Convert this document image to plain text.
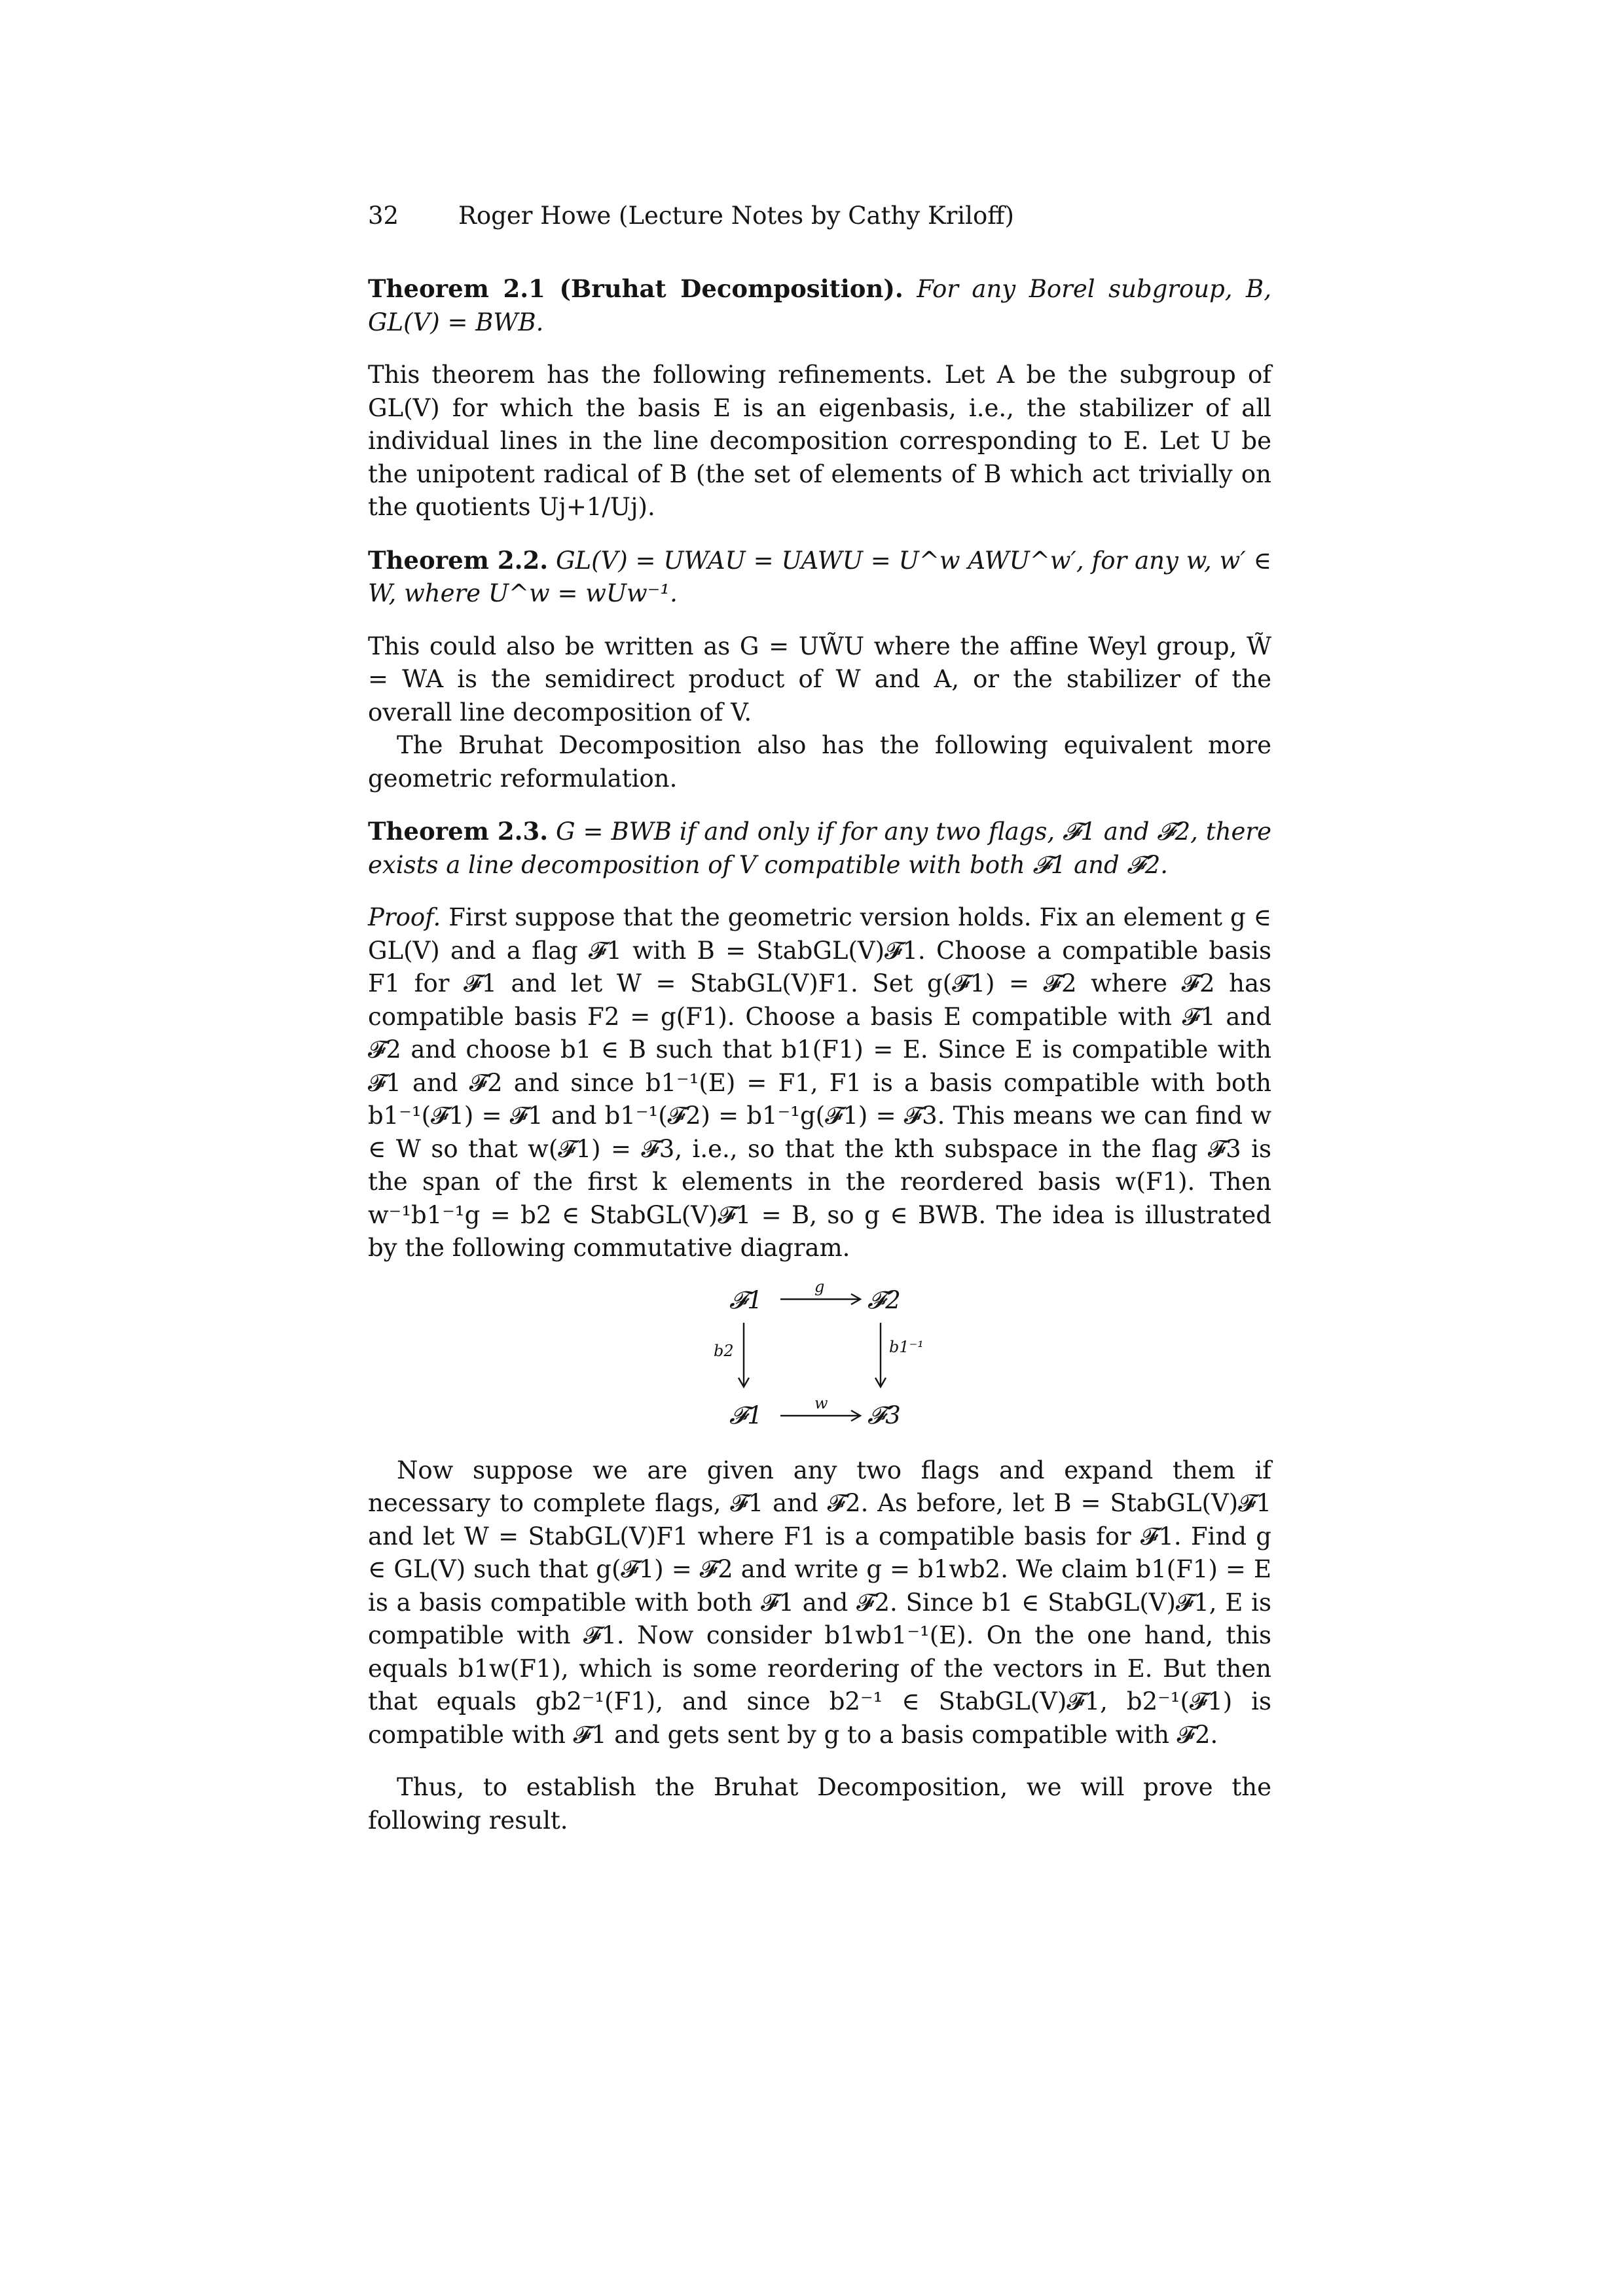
32 Roger Howe (Lecture Notes by Cathy Kriloff)
Theorem 2.1 (Bruhat Decomposition). For any Borel subgroup, B, GL(V) = BWB.
This theorem has the following refinements. Let A be the subgroup of GL(V) for which the basis E is an eigenbasis, i.e., the stabilizer of all individual lines in the line decomposition corresponding to E. Let U be the unipotent radical of B (the set of elements of B which act trivially on the quotients Uj+1/Uj).
Theorem 2.2. GL(V) = UWAU = UAWU = U^w AWU^w′, for any w, w′ ∈ W, where U^w = wUw⁻¹.
This could also be written as G = UW̃U where the affine Weyl group, W̃ = WA is the semidirect product of W and A, or the stabilizer of the overall line decomposition of V.
The Bruhat Decomposition also has the following equivalent more geometric reformulation.
Theorem 2.3. G = BWB if and only if for any two flags, 𝓕1 and 𝓕2, there exists a line decomposition of V compatible with both 𝓕1 and 𝓕2.
Proof. First suppose that the geometric version holds. Fix an element g ∈ GL(V) and a flag 𝓕1 with B = StabGL(V)𝓕1. Choose a compatible basis F1 for 𝓕1 and let W = StabGL(V)F1. Set g(𝓕1) = 𝓕2 where 𝓕2 has compatible basis F2 = g(F1). Choose a basis E compatible with 𝓕1 and 𝓕2 and choose b1 ∈ B such that b1(F1) = E. Since E is compatible with 𝓕1 and 𝓕2 and since b1⁻¹(E) = F1, F1 is a basis compatible with both b1⁻¹(𝓕1) = 𝓕1 and b1⁻¹(𝓕2) = b1⁻¹g(𝓕1) = 𝓕3. This means we can find w ∈ W so that w(𝓕1) = 𝓕3, i.e., so that the kth subspace in the flag 𝓕3 is the span of the first k elements in the reordered basis w(F1). Then w⁻¹b1⁻¹g = b2 ∈ StabGL(V)𝓕1 = B, so g ∈ BWB. The idea is illustrated by the following commutative diagram.
𝓕1	𝓕2
𝓕1	𝓕3
g
w
b2	b1⁻¹
Now suppose we are given any two flags and expand them if necessary to complete flags, 𝓕1 and 𝓕2. As before, let B = StabGL(V)𝓕1 and let W = StabGL(V)F1 where F1 is a compatible basis for 𝓕1. Find g ∈ GL(V) such that g(𝓕1) = 𝓕2 and write g = b1wb2. We claim b1(F1) = E is a basis compatible with both 𝓕1 and 𝓕2. Since b1 ∈ StabGL(V)𝓕1, E is compatible with 𝓕1. Now consider b1wb1⁻¹(E). On the one hand, this equals b1w(F1), which is some reordering of the vectors in E. But then that equals gb2⁻¹(F1), and since b2⁻¹ ∈ StabGL(V)𝓕1, b2⁻¹(𝓕1) is compatible with 𝓕1 and gets sent by g to a basis compatible with 𝓕2.
Thus, to establish the Bruhat Decomposition, we will prove the following result.
